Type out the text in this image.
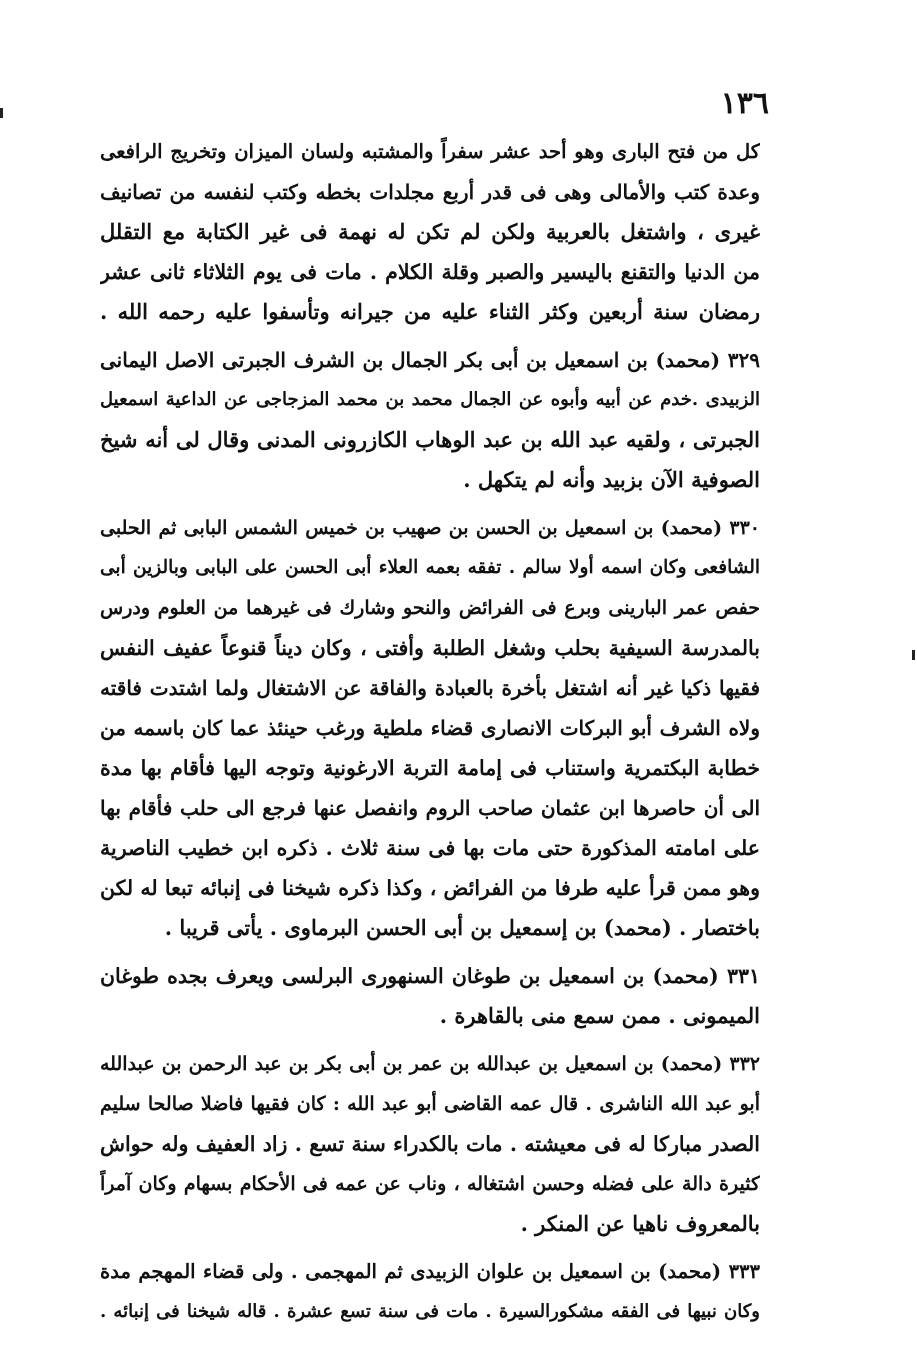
١٣٦
كل من فتح البارى وهو أحد عشر سفراً والمشتبه ولسان الميزان وتخريج الرافعى
وعدة كتب والأمالى وهى فى قدر أربع مجلدات بخطه وكتب لنفسه من تصانيف
غيرى ، واشتغل بالعربية ولكن لم تكن له نهمة فى غير الكتابة مع التقلل
من الدنيا والتقنع باليسير والصبر وقلة الكلام . مات فى يوم الثلاثاء ثانى عشر
رمضان سنة أربعين وكثر الثناء عليه من جيرانه وتأسفوا عليه رحمه الله .
٣٢٩ (محمد) بن اسمعيل بن أبى بكر الجمال بن الشرف الجبرتى الاصل اليمانى
الزبيدى .خدم عن أبيه وأبوه عن الجمال محمد بن محمد المزجاجى عن الداعية اسمعيل
الجبرتى ، ولقيه عبد الله بن عبد الوهاب الكازرونى المدنى وقال لى أنه شيخ
الصوفية الآن بزبيد وأنه لم يتكهل .
٣٣٠ (محمد) بن اسمعيل بن الحسن بن صهيب بن خميس الشمس البابى ثم الحلبى
الشافعى وكان اسمه أولا سالم . تفقه بعمه العلاء أبى الحسن على البابى وبالزين أبى
حفص عمر البارينى وبرع فى الفرائض والنحو وشارك فى غيرهما من العلوم ودرس
بالمدرسة السيفية بحلب وشغل الطلبة وأفتى ، وكان ديناً قنوعاً عفيف النفس
فقيها ذكيا غير أنه اشتغل بأخرة بالعبادة والفاقة عن الاشتغال ولما اشتدت فاقته
ولاه الشرف أبو البركات الانصارى قضاء ملطية ورغب حينئذ عما كان باسمه من
خطابة البكتمرية واستناب فى إمامة التربة الارغونية وتوجه اليها فأقام بها مدة
الى أن حاصرها ابن عثمان صاحب الروم وانفصل عنها فرجع الى حلب فأقام بها
على امامته المذكورة حتى مات بها فى سنة ثلاث . ذكره ابن خطيب الناصرية
وهو ممن قرأ عليه طرفا من الفرائض ، وكذا ذكره شيخنا فى إنبائه تبعا له لكن
باختصار . (محمد) بن إسمعيل بن أبى الحسن البرماوى . يأتى قريبا .
٣٣١ (محمد) بن اسمعيل بن طوغان السنهورى البرلسى ويعرف بجده طوغان
الميمونى . ممن سمع منى بالقاهرة .
٣٣٢ (محمد) بن اسمعيل بن عبدالله بن عمر بن أبى بكر بن عبد الرحمن بن عبدالله
أبو عبد الله الناشرى . قال عمه القاضى أبو عبد الله : كان فقيها فاضلا صالحا سليم
الصدر مباركا له فى معيشته . مات بالكدراء سنة تسع . زاد العفيف وله حواش
كثيرة دالة على فضله وحسن اشتغاله ، وناب عن عمه فى الأحكام بسهام وكان آمراً
بالمعروف ناهيا عن المنكر .
٣٣٣ (محمد) بن اسمعيل بن علوان الزبيدى ثم المهجمى . ولى قضاء المهجم مدة
وكان نبيها فى الفقه مشكورالسيرة . مات فى سنة تسع عشرة . قاله شيخنا فى إنبائه .
